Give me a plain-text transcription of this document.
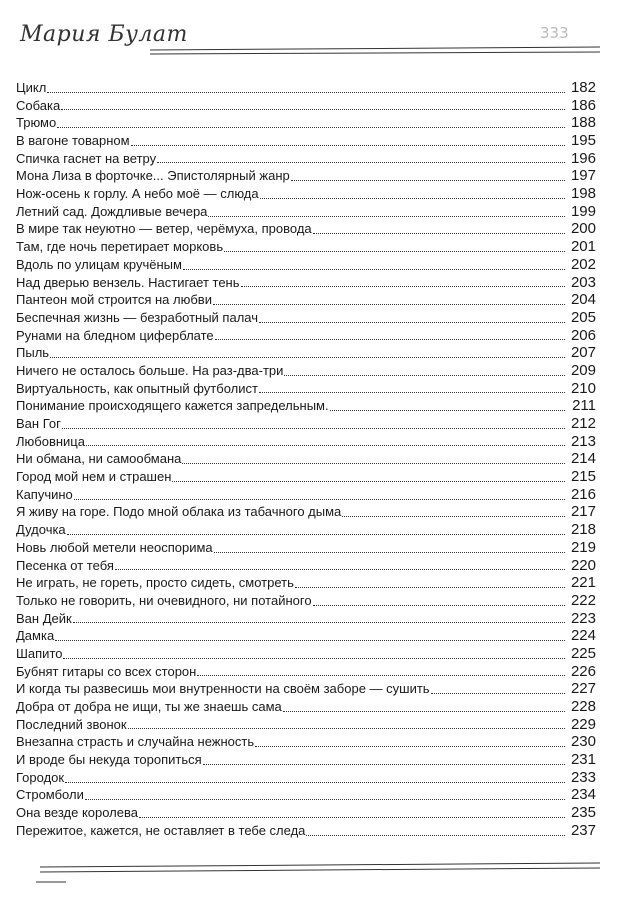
Мария Булат	333
Цикл	182
Собака	186
Трюмо	188
В вагоне товарном	195
Спичка гаснет на ветру	196
Мона Лиза в форточке... Эпистолярный жанр	197
Нож-осень к горлу. А небо моё — слюда	198
Летний сад. Дождливые вечера	199
В мире так неуютно — ветер, черёмуха, провода	200
Там, где ночь перетирает морковь	201
Вдоль по улицам кручёным	202
Над дверью вензель. Настигает тень	203
Пантеон мой строится на любви	204
Беспечная жизнь — безработный палач	205
Рунами на бледном циферблате	206
Пыль	207
Ничего не осталось больше. На раз-два-три	209
Виртуальность, как опытный футболист	210
Понимание происходящего кажется запредельным.	211
Ван Гог	212
Любовница	213
Ни обмана, ни самообмана	214
Город мой нем и страшен	215
Капучино	216
Я живу на горе. Подо мной облака из табачного дыма	217
Дудочка	218
Новь любой метели неоспорима	219
Песенка от тебя	220
Не играть, не гореть, просто сидеть, смотреть	221
Только не говорить, ни очевидного, ни потайного	222
Ван Дейк	223
Дамка	224
Шапито	225
Бубнят гитары со всех сторон	226
И когда ты развесишь мои внутренности на своём заборе — сушить	227
Добра от добра не ищи, ты же знаешь сама	228
Последний звонок	229
Внезапна страсть и случайна нежность	230
И вроде бы некуда торопиться	231
Городок	233
Стромболи	234
Она везде королева	235
Пережитое, кажется, не оставляет в тебе следа	237
